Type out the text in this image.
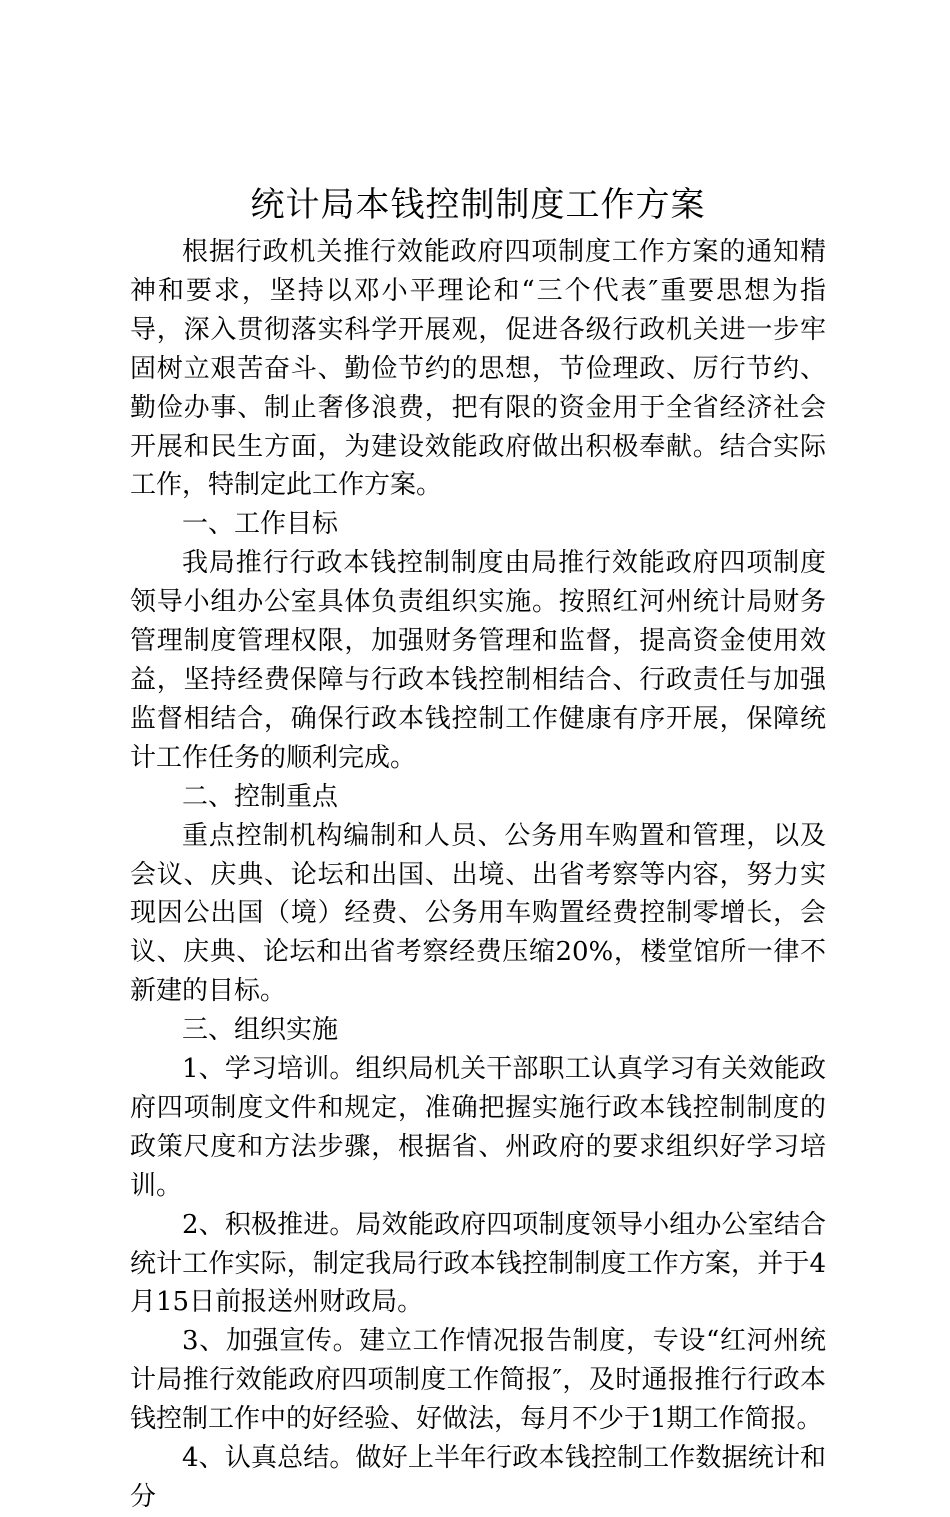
统计局本钱控制制度工作方案

根据行政机关推行效能政府四项制度工作方案的通知精神和要求，坚持以邓小平理论和“三个代表″重要思想为指导，深入贯彻落实科学开展观，促进各级行政机关进一步牢固树立艰苦奋斗、勤俭节约的思想，节俭理政、厉行节约、勤俭办事、制止奢侈浪费，把有限的资金用于全省经济社会开展和民生方面，为建设效能政府做出积极奉献。结合实际工作，特制定此工作方案。

一、工作目标

我局推行行政本钱控制制度由局推行效能政府四项制度领导小组办公室具体负责组织实施。按照红河州统计局财务管理制度管理权限，加强财务管理和监督，提高资金使用效益，坚持经费保障与行政本钱控制相结合、行政责任与加强监督相结合，确保行政本钱控制工作健康有序开展，保障统计工作任务的顺利完成。

二、控制重点

重点控制机构编制和人员、公务用车购置和管理，以及会议、庆典、论坛和出国、出境、出省考察等内容，努力实现因公出国（境）经费、公务用车购置经费控制零增长，会议、庆典、论坛和出省考察经费压缩20%，楼堂馆所一律不新建的目标。

三、组织实施

1、学习培训。组织局机关干部职工认真学习有关效能政府四项制度文件和规定，准确把握实施行政本钱控制制度的政策尺度和方法步骤，根据省、州政府的要求组织好学习培训。

2、积极推进。局效能政府四项制度领导小组办公室结合统计工作实际，制定我局行政本钱控制制度工作方案，并于4月15日前报送州财政局。

3、加强宣传。建立工作情况报告制度，专设“红河州统计局推行效能政府四项制度工作简报″，及时通报推行行政本钱控制工作中的好经验、好做法，每月不少于1期工作简报。

4、认真总结。做好上半年行政本钱控制工作数据统计和分
